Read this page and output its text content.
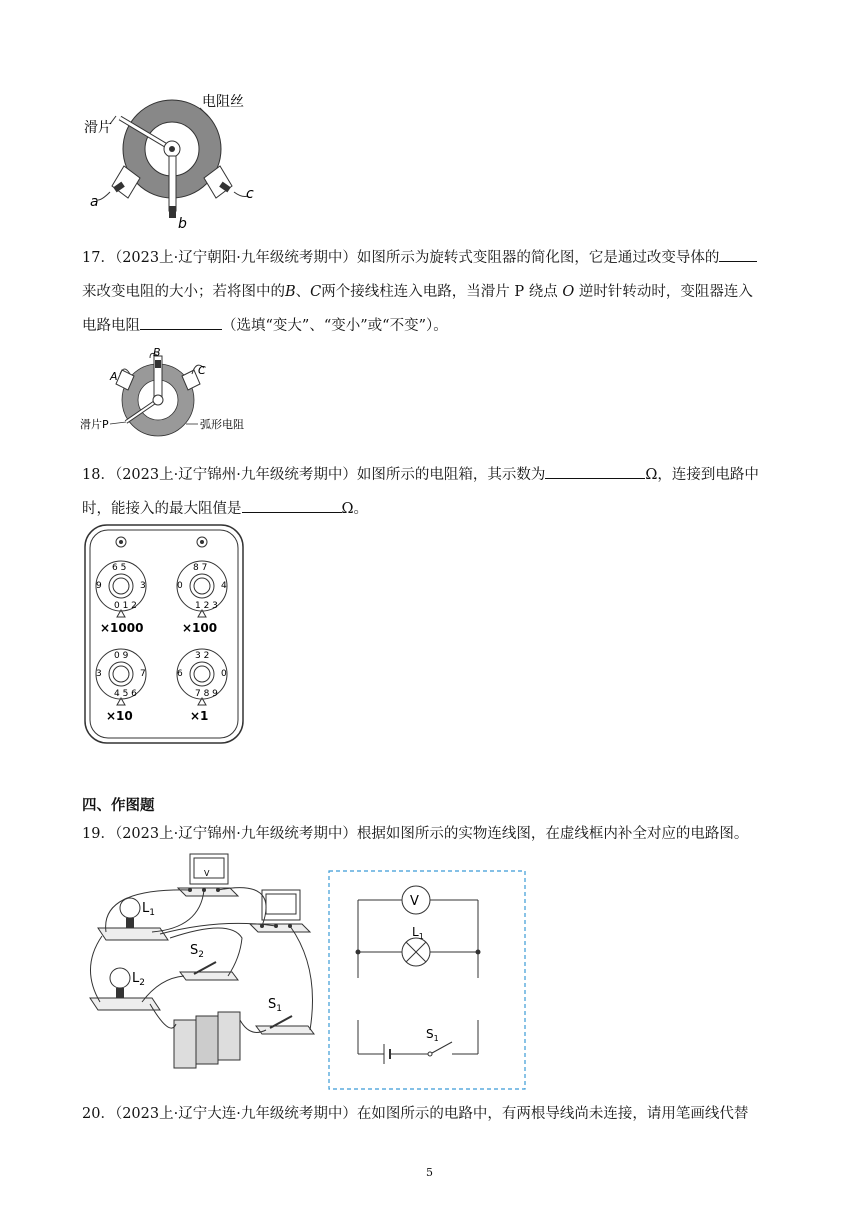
电阻丝
滑片
a
b
c
17．（2023上·辽宁朝阳·九年级统考期中）如图所示为旋转式变阻器的简化图，它是通过改变导体的
来改变电阻的大小；若将图中的B、C两个接线柱连入电路，当滑片 P 绕点 O 逆时针转动时，变阻器连入
电路电阻	（选填“变大”、“变小”或“不变”）。
A
B
C
滑片P	弧形电阻
18．（2023上·辽宁锦州·九年级统考期中）如图所示的电阻箱，其示数为	Ω，连接到电路中
时，能接入的最大阻值是	Ω。
0 1 2
9	3
6 5
1 2 3
0	4
8 7
×1000	×100
4 5 6
3	7
0 9
7 8 9
6	0
3 2
×10	×1
四、作图题
19．（2023上·辽宁锦州·九年级统考期中）根据如图所示的实物连线图，在虚线框内补全对应的电路图。
V
$L_1$
$L_2$
$S_2$
$S_1$
V
$L_1$
$S_1$
20．（2023上·辽宁大连·九年级统考期中）在如图所示的电路中，有两根导线尚未连接，请用笔画线代替
5
